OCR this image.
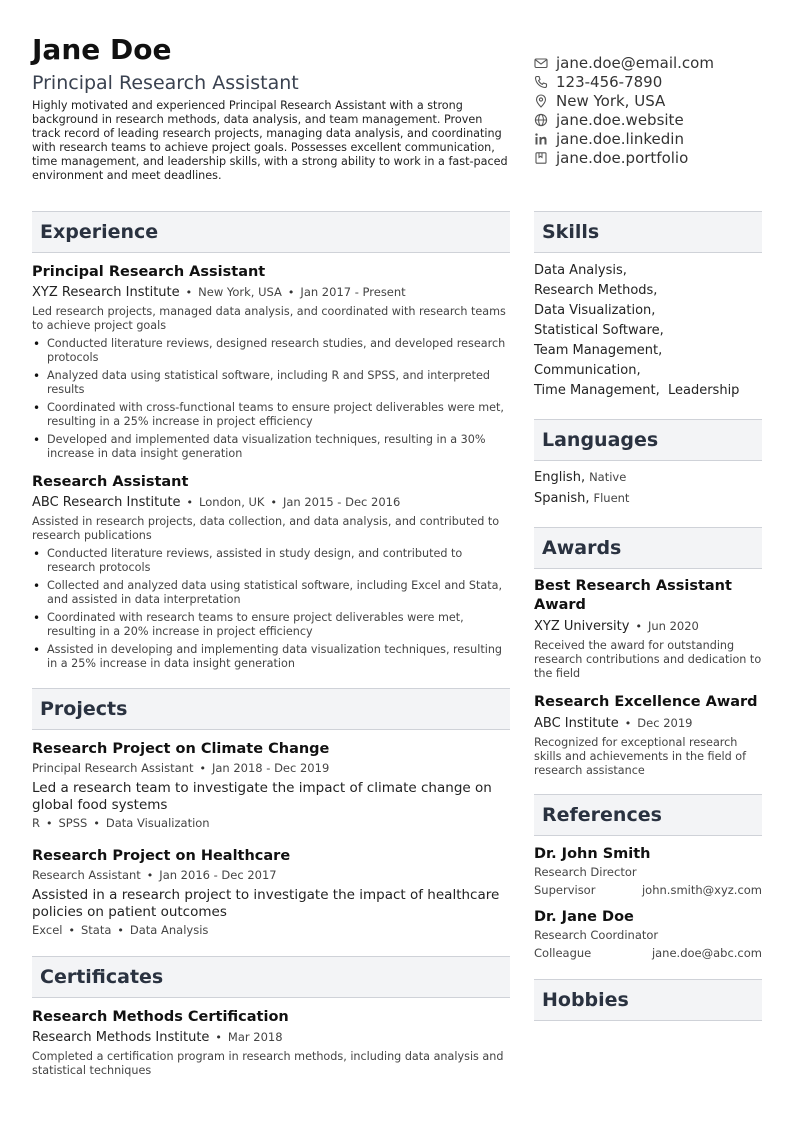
Jane Doe
Principal Research Assistant
Highly motivated and experienced Principal Research Assistant with a strong background in research methods, data analysis, and team management. Proven track record of leading research projects, managing data analysis, and coordinating with research teams to achieve project goals. Possesses excellent communication, time management, and leadership skills, with a strong ability to work in a fast-paced environment and meet deadlines.
jane.doe@email.com
123-456-7890
New York, USA
jane.doe.website
jane.doe.linkedin
jane.doe.portfolio
Experience
Principal Research Assistant
XYZ Research Institute • New York, USA • Jan 2017 - Present
Led research projects, managed data analysis, and coordinated with research teams to achieve project goals
• Conducted literature reviews, designed research studies, and developed research protocols
• Analyzed data using statistical software, including R and SPSS, and interpreted results
• Coordinated with cross-functional teams to ensure project deliverables were met, resulting in a 25% increase in project efficiency
• Developed and implemented data visualization techniques, resulting in a 30% increase in data insight generation
Research Assistant
ABC Research Institute • London, UK • Jan 2015 - Dec 2016
Assisted in research projects, data collection, and data analysis, and contributed to research publications
• Conducted literature reviews, assisted in study design, and contributed to research protocols
• Collected and analyzed data using statistical software, including Excel and Stata, and assisted in data interpretation
• Coordinated with research teams to ensure project deliverables were met, resulting in a 20% increase in project efficiency
• Assisted in developing and implementing data visualization techniques, resulting in a 25% increase in data insight generation
Projects
Research Project on Climate Change
Principal Research Assistant • Jan 2018 - Dec 2019
Led a research team to investigate the impact of climate change on global food systems
R • SPSS • Data Visualization
Research Project on Healthcare
Research Assistant • Jan 2016 - Dec 2017
Assisted in a research project to investigate the impact of healthcare policies on patient outcomes
Excel • Stata • Data Analysis
Certificates
Research Methods Certification
Research Methods Institute • Mar 2018
Completed a certification program in research methods, including data analysis and statistical techniques
Skills
Data Analysis,
Research Methods,
Data Visualization,
Statistical Software,
Team Management,
Communication,
Time Management, Leadership
Languages
English, Native
Spanish, Fluent
Awards
Best Research Assistant Award
XYZ University • Jun 2020
Received the award for outstanding research contributions and dedication to the field
Research Excellence Award
ABC Institute • Dec 2019
Recognized for exceptional research skills and achievements in the field of research assistance
References
Dr. John Smith
Research Director
Supervisor	john.smith@xyz.com
Dr. Jane Doe
Research Coordinator
Colleague	jane.doe@abc.com
Hobbies
